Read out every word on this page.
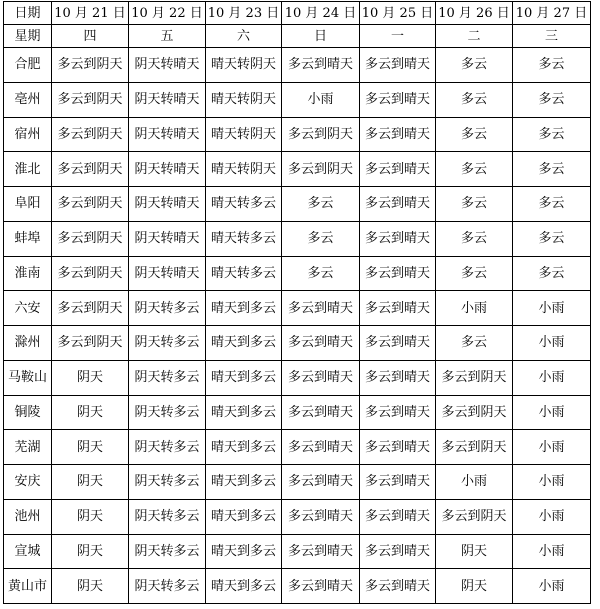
日期	10 月 21 日	10 月 22 日	10 月 23 日	10 月 24 日	10 月 25 日	10 月 26 日	10 月 27 日
星期	四	五	六	日	一	二	三
合肥	多云到阴天	阴天转晴天	晴天转阴天	多云到晴天	多云到晴天	多云	多云
亳州	多云到阴天	阴天转晴天	晴天转阴天	小雨	多云到晴天	多云	多云
宿州	多云到阴天	阴天转晴天	晴天转阴天	多云到阴天	多云到晴天	多云	多云
淮北	多云到阴天	阴天转晴天	晴天转阴天	多云到阴天	多云到晴天	多云	多云
阜阳	多云到阴天	阴天转晴天	晴天转多云	多云	多云到晴天	多云	多云
蚌埠	多云到阴天	阴天转晴天	晴天转多云	多云	多云到晴天	多云	多云
淮南	多云到阴天	阴天转晴天	晴天转多云	多云	多云到晴天	多云	多云
六安	多云到阴天	阴天转多云	晴天到多云	多云到晴天	多云到晴天	小雨	小雨
滁州	多云到阴天	阴天转多云	晴天到多云	多云到晴天	多云到晴天	多云	小雨
马鞍山	阴天	阴天转多云	晴天到多云	多云到晴天	多云到晴天	多云到阴天	小雨
铜陵	阴天	阴天转多云	晴天到多云	多云到晴天	多云到晴天	多云到阴天	小雨
芜湖	阴天	阴天转多云	晴天到多云	多云到晴天	多云到晴天	多云到阴天	小雨
安庆	阴天	阴天转多云	晴天到多云	多云到晴天	多云到晴天	小雨	小雨
池州	阴天	阴天转多云	晴天到多云	多云到晴天	多云到晴天	多云到阴天	小雨
宣城	阴天	阴天转多云	晴天到多云	多云到晴天	多云到晴天	阴天	小雨
黄山市	阴天	阴天转多云	晴天到多云	多云到晴天	多云到晴天	阴天	小雨
